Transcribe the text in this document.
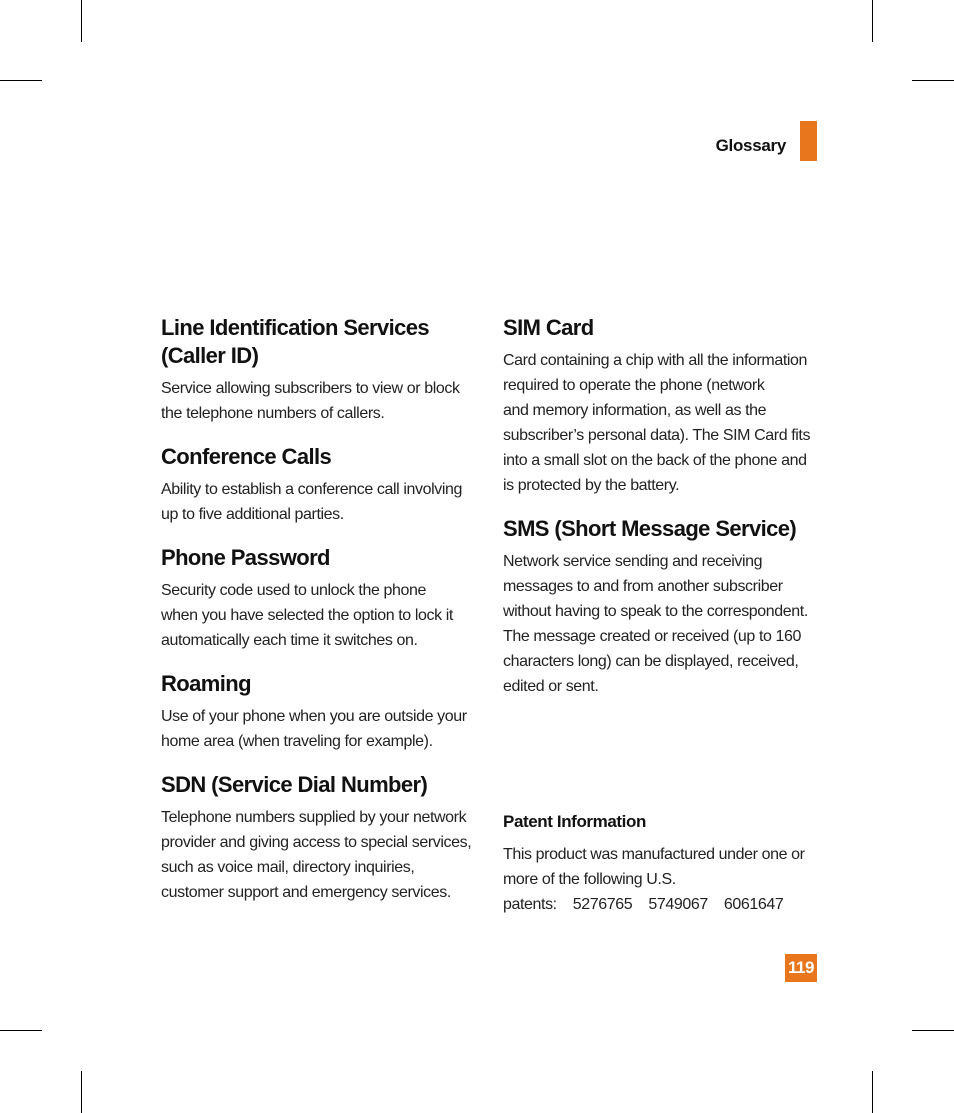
Glossary
Line Identification Services
(Caller ID)

Service allowing subscribers to view or block
the telephone numbers of callers.

Conference Calls

Ability to establish a conference call involving
up to five additional parties.

Phone Password

Security code used to unlock the phone
when you have selected the option to lock it
automatically each time it switches on.

Roaming

Use of your phone when you are outside your
home area (when traveling for example).

SDN (Service Dial Number)

Telephone numbers supplied by your network
provider and giving access to special services,
such as voice mail, directory inquiries,
customer support and emergency services.

SIM Card

Card containing a chip with all the information
required to operate the phone (network
and memory information, as well as the
subscriber’s personal data). The SIM Card fits
into a small slot on the back of the phone and
is protected by the battery.

SMS (Short Message Service)

Network service sending and receiving
messages to and from another subscriber
without having to speak to the correspondent.
The message created or received (up to 160
characters long) can be displayed, received,
edited or sent.

Patent Information

This product was manufactured under one or
more of the following U.S.
patents: 5276765 5749067 6061647

119
